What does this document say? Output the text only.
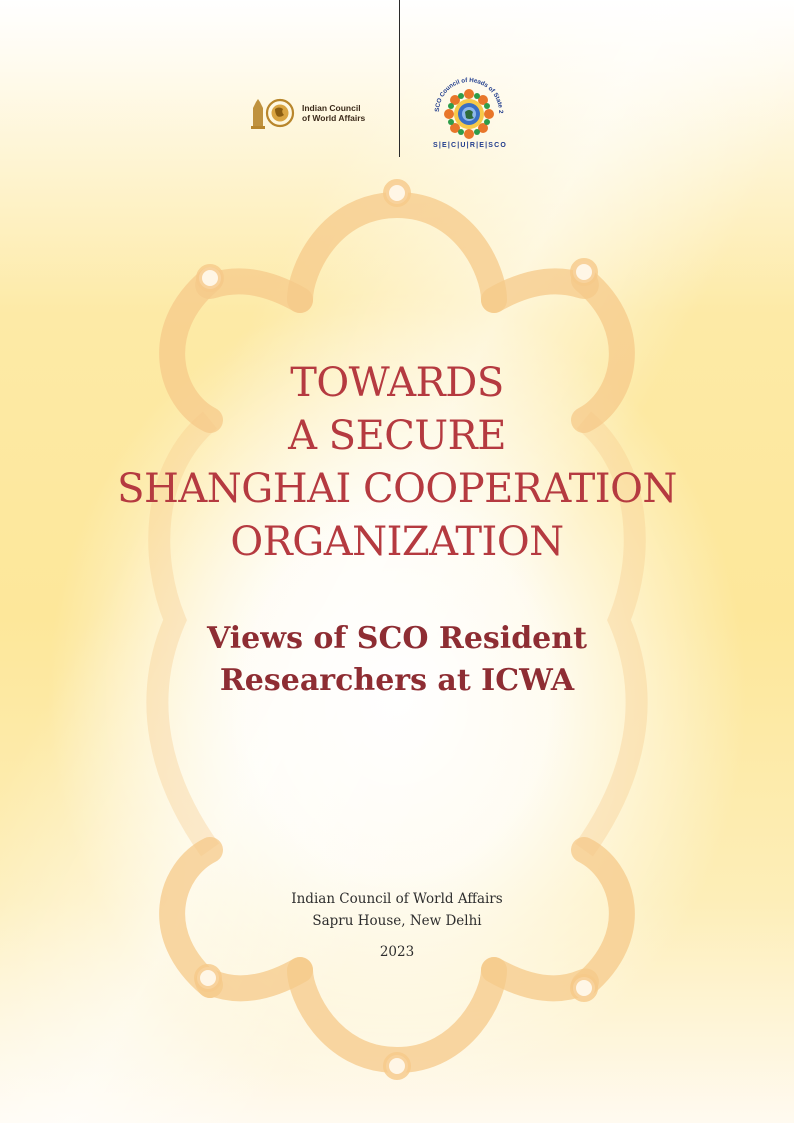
Indian Council
of World Affairs
SCO Council of Heads of State 2
S|E|C|U|R|E|SCO
TOWARDS
A SECURE
SHANGHAI COOPERATION
ORGANIZATION
Views of SCO Resident
Researchers at ICWA
Indian Council of World Affairs
Sapru House, New Delhi
2023
